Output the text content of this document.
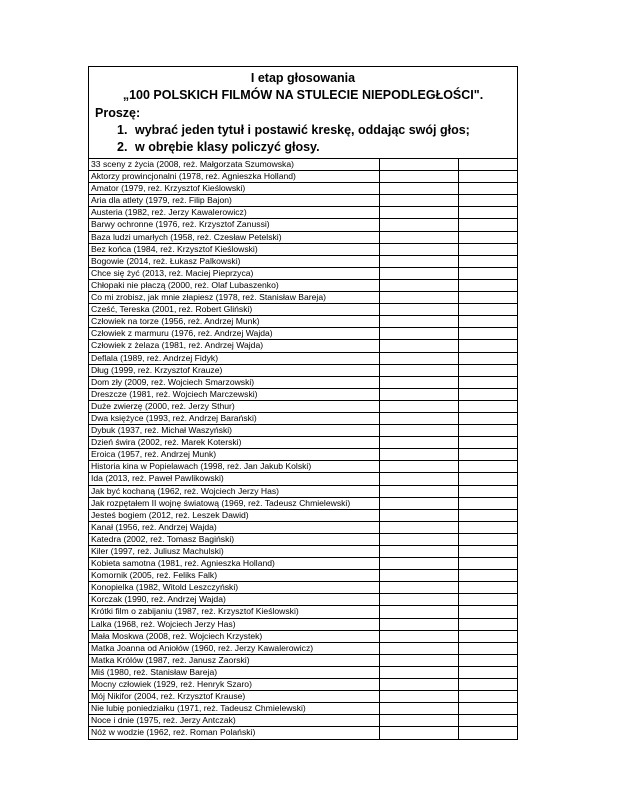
I etap głosowania
„100 POLSKICH FILMÓW NA STULECIE NIEPODLEGŁOŚCI".
Proszę:
1. wybrać jeden tytuł i postawić kreskę, oddając swój głos;
2. w obrębie klasy policzyć głosy.
33 sceny z życia (2008, reż. Małgorzata Szumowska)		
Aktorzy prowincjonalni (1978, reż. Agnieszka Holland)		
Amator (1979, reż. Krzysztof Kieślowski)		
Aria dla atlety (1979, reż. Filip Bajon)		
Austeria (1982, reż. Jerzy Kawalerowicz)		
Barwy ochronne (1976, reż. Krzysztof Zanussi)		
Baza ludzi umarłych (1958, reż. Czesław Petelski)		
Bez końca (1984, reż. Krzysztof Kieślowski)		
Bogowie (2014, reż. Łukasz Palkowski)		
Chce się żyć (2013, reż. Maciej Pieprzyca)		
Chłopaki nie płaczą (2000, reż. Olaf Lubaszenko)		
Co mi zrobisz, jak mnie złapiesz (1978, reż. Stanisław Bareja)		
Cześć, Tereska (2001, reż. Robert Gliński)		
Człowiek na torze (1956, reż. Andrzej Munk)		
Człowiek z marmuru (1976, reż. Andrzej Wajda)		
Człowiek z żelaza (1981, reż. Andrzej Wajda)		
Deflala (1989, reż. Andrzej Fidyk)		
Dług (1999, reż. Krzysztof Krauze)		
Dom zły (2009, reż. Wojciech Smarzowski)		
Dreszcze (1981, reż. Wojciech Marczewski)		
Duże zwierzę (2000, reż. Jerzy Sthur)		
Dwa księżyce (1993, reż. Andrzej Barański)		
Dybuk (1937, reż. Michał Waszyński)		
Dzień świra (2002, reż. Marek Koterski)		
Eroica (1957, reż. Andrzej Munk)		
Historia kina w Popielawach (1998, reż. Jan Jakub Kolski)		
Ida (2013, reż. Paweł Pawlikowski)		
Jak być kochaną (1962, reż. Wojciech Jerzy Has)		
Jak rozpętałem II wojnę światową (1969, reż. Tadeusz Chmielewski)		
Jesteś bogiem (2012, reż. Leszek Dawid)		
Kanał (1956, reż. Andrzej Wajda)		
Katedra (2002, reż. Tomasz Bagiński)		
Kiler (1997, reż. Juliusz Machulski)		
Kobieta samotna (1981, reż. Agnieszka Holland)		
Komornik (2005, reż. Feliks Falk)		
Konopielka (1982, Witold Leszczyński)		
Korczak (1990, reż. Andrzej Wajda)		
Krótki film o zabijaniu (1987, reż. Krzysztof Kieślowski)		
Lalka (1968, reż. Wojciech Jerzy Has)		
Mała Moskwa (2008, reż. Wojciech Krzystek)		
Matka Joanna od Aniołów (1960, reż. Jerzy Kawalerowicz)		
Matka Królów (1987, reż. Janusz Zaorski)		
Miś (1980, reż. Stanisław Bareja)		
Mocny człowiek (1929, reż. Henryk Szaro)		
Mój Nikifor (2004, reż. Krzysztof Krause)		
Nie lubię poniedziałku (1971, reż. Tadeusz Chmielewski)		
Noce i dnie (1975, reż. Jerzy Antczak)		
Nóż w wodzie (1962, reż. Roman Polański)		
